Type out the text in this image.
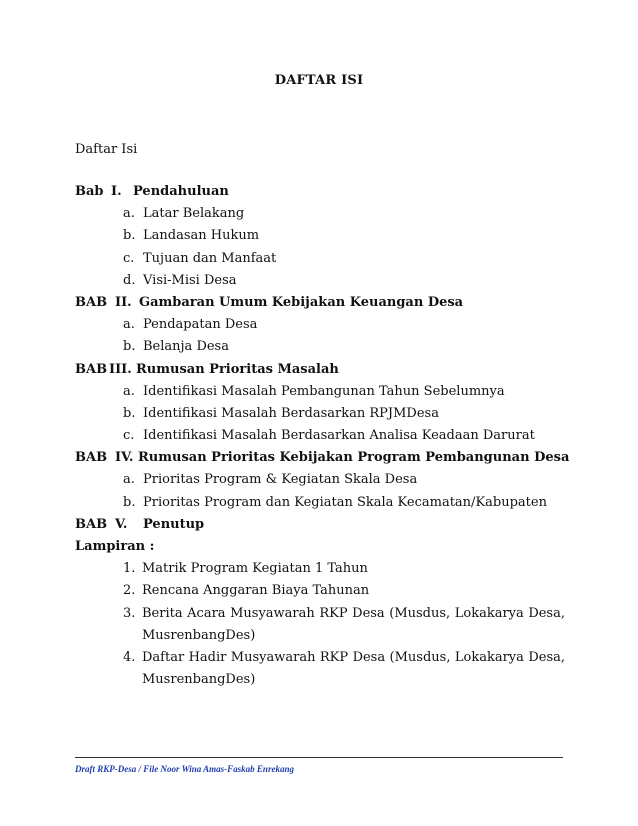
DAFTAR ISI
Daftar Isi
Bab I. Pendahuluan
a. Latar Belakang
b. Landasan Hukum
c. Tujuan dan Manfaat
d. Visi-Misi Desa
BAB II. Gambaran Umum Kebijakan Keuangan Desa
a. Pendapatan Desa
b. Belanja Desa
BAB III. Rumusan Prioritas Masalah
a. Identifikasi Masalah Pembangunan Tahun Sebelumnya
b. Identifikasi Masalah Berdasarkan RPJMDesa
c. Identifikasi Masalah Berdasarkan Analisa Keadaan Darurat
BAB IV. Rumusan Prioritas Kebijakan Program Pembangunan Desa
a. Prioritas Program & Kegiatan Skala Desa
b. Prioritas Program dan Kegiatan Skala Kecamatan/Kabupaten
BAB V. Penutup
Lampiran :
1. Matrik Program Kegiatan 1 Tahun
2. Rencana Anggaran Biaya Tahunan
3. Berita Acara Musyawarah RKP Desa (Musdus, Lokakarya Desa, MusrenbangDes)
4. Daftar Hadir Musyawarah RKP Desa (Musdus, Lokakarya Desa, MusrenbangDes)
Draft RKP-Desa / File Noor Wina Amas-Faskab Enrekang
